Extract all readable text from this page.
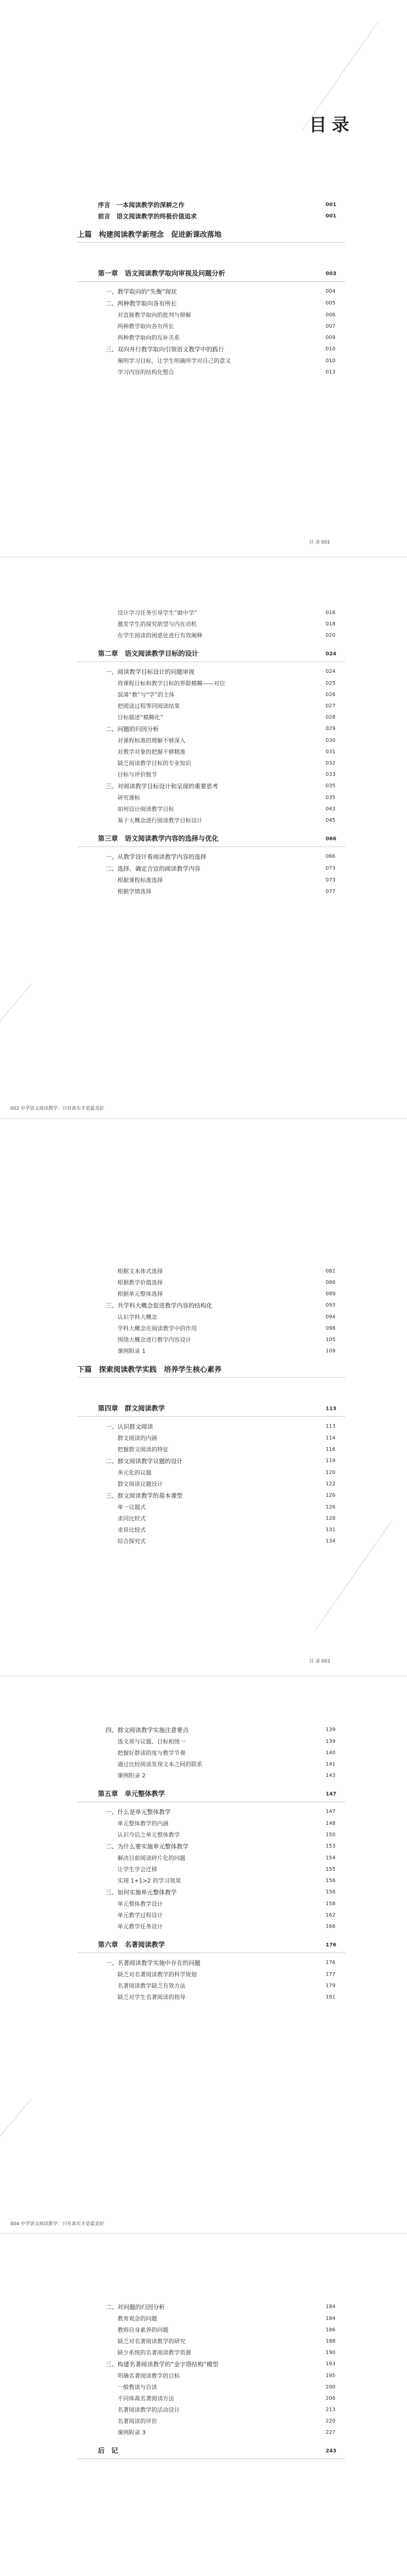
序言　一本阅读教学的深耕之作	001
前言　语文阅读教学的终极价值追求	001
上篇　构建阅读教学新理念　促进新课改落地
第一章　语文阅读教学取向审视及问题分析	003
一、教学取向的“失衡”现状	004
二、两种教学取向各有所长	005
对直接教学取向的批判与辩解	006
两种教学取向各有所长	007
两种教学取向的互补关系	009
三、双向并行教学取向引领语文教学中的践行	010
阐明学习目标，让学生明确所学对自己的意义	010
学习内容的结构化整合	013
目 录 001
设计学习任务引导学生“做中学”	016
激发学生的探究欲望与内在动机	018
在学生阅读的困惑处进行有效阐释	020
第二章　语文阅读教学目标的设计	024
一、阅读教学目标设计的问题审视	024
将课程目标和教学目标的界限模糊——对位	025
混淆“教”与“学”的主体	026
把阅读过程等同阅读结果	027
目标描述“模糊化”	028
二、问题的归因分析	029
对课程标准的理解不够深入	030
对教学对象的把握不够精准	031
缺乏阅读教学目标的专业知识	032
目标与评价脱节	033
三、对阅读教学目标设计和呈现的重要思考	035
研究课标	035
如何设计阅读教学目标	043
基于大概念进行阅读教学目标设计	045
第三章　语文阅读教学内容的选择与优化	066
一、从教学设计看阅读教学内容的选择	066
二、选择、确定合宜的阅读教学内容	073
根据课程标准选择	073
根据学情选择	077
002 中学语文阅读教学：只有真实才是最美好
根据文本体式选择	082
根据教学价值选择	086
根据单元整体选择	089
三、共学科大概念促进教学内容的结构化	093
认识学科大概念	094
学科大概念在阅读教学中的作用	098
围绕大概念进行教学内容设计	105
课例附录 1	109
下篇　探索阅读教学实践　培养学生核心素养
第四章　群文阅读教学	113
一、认识群文阅读	113
群文阅读的内涵	114
把握群文阅读的特征	116
二、群文阅读教学议题的设计	119
多元化的议题	120
群文阅读议题设计	122
三、群文阅读教学的基本课型	126
单一议题式	126
求同比较式	128
求异比较式	131
综合探究式	134
目 录 003
四、群文阅读教学实施注意要点	139
选文须与议题、目标相统一	139
把握好群读的度与教学节奏	140
通过比较阅读发现文本之间的联系	141
课例附录 2	143
第五章　单元整体教学	147
一、什么是单元整体教学	147
单元整体教学的内涵	148
认识今后之单元整体教学	150
二、为什么要实施单元整体教学	153
解决目前阅读碎片化的问题	154
让学生学会迁移	155
实现 1+1>2 的学习效果	156
三、如何实施单元整体教学	158
单元整体教学设计	158
单元教学过程设计	162
单元教学任务设计	166
第六章　名著阅读教学	176
一、名著阅读教学实施中存在的问题	176
缺乏对名著阅读教学的科学规划	177
名著阅读教学缺乏有效方法	179
缺乏对学生名著阅读的指导	181
004 中学语文阅读教学：只有真实才是最美好
二、对问题的归因分析	184
教育观念的问题	184
教师自身素养的问题	186
缺乏对名著阅读教学的研究	188
缺少系统的名著阅读教学资源	190
三、构建名著阅读教学的“金字塔结构”模型	193
明确名著阅读教学的目标	195
一般教读与自读	200
不同体裁名著阅读方法	206
名著阅读教学的活动设计	213
名著阅读的评价	220
课例附录 3	227
后　记	243
目录
